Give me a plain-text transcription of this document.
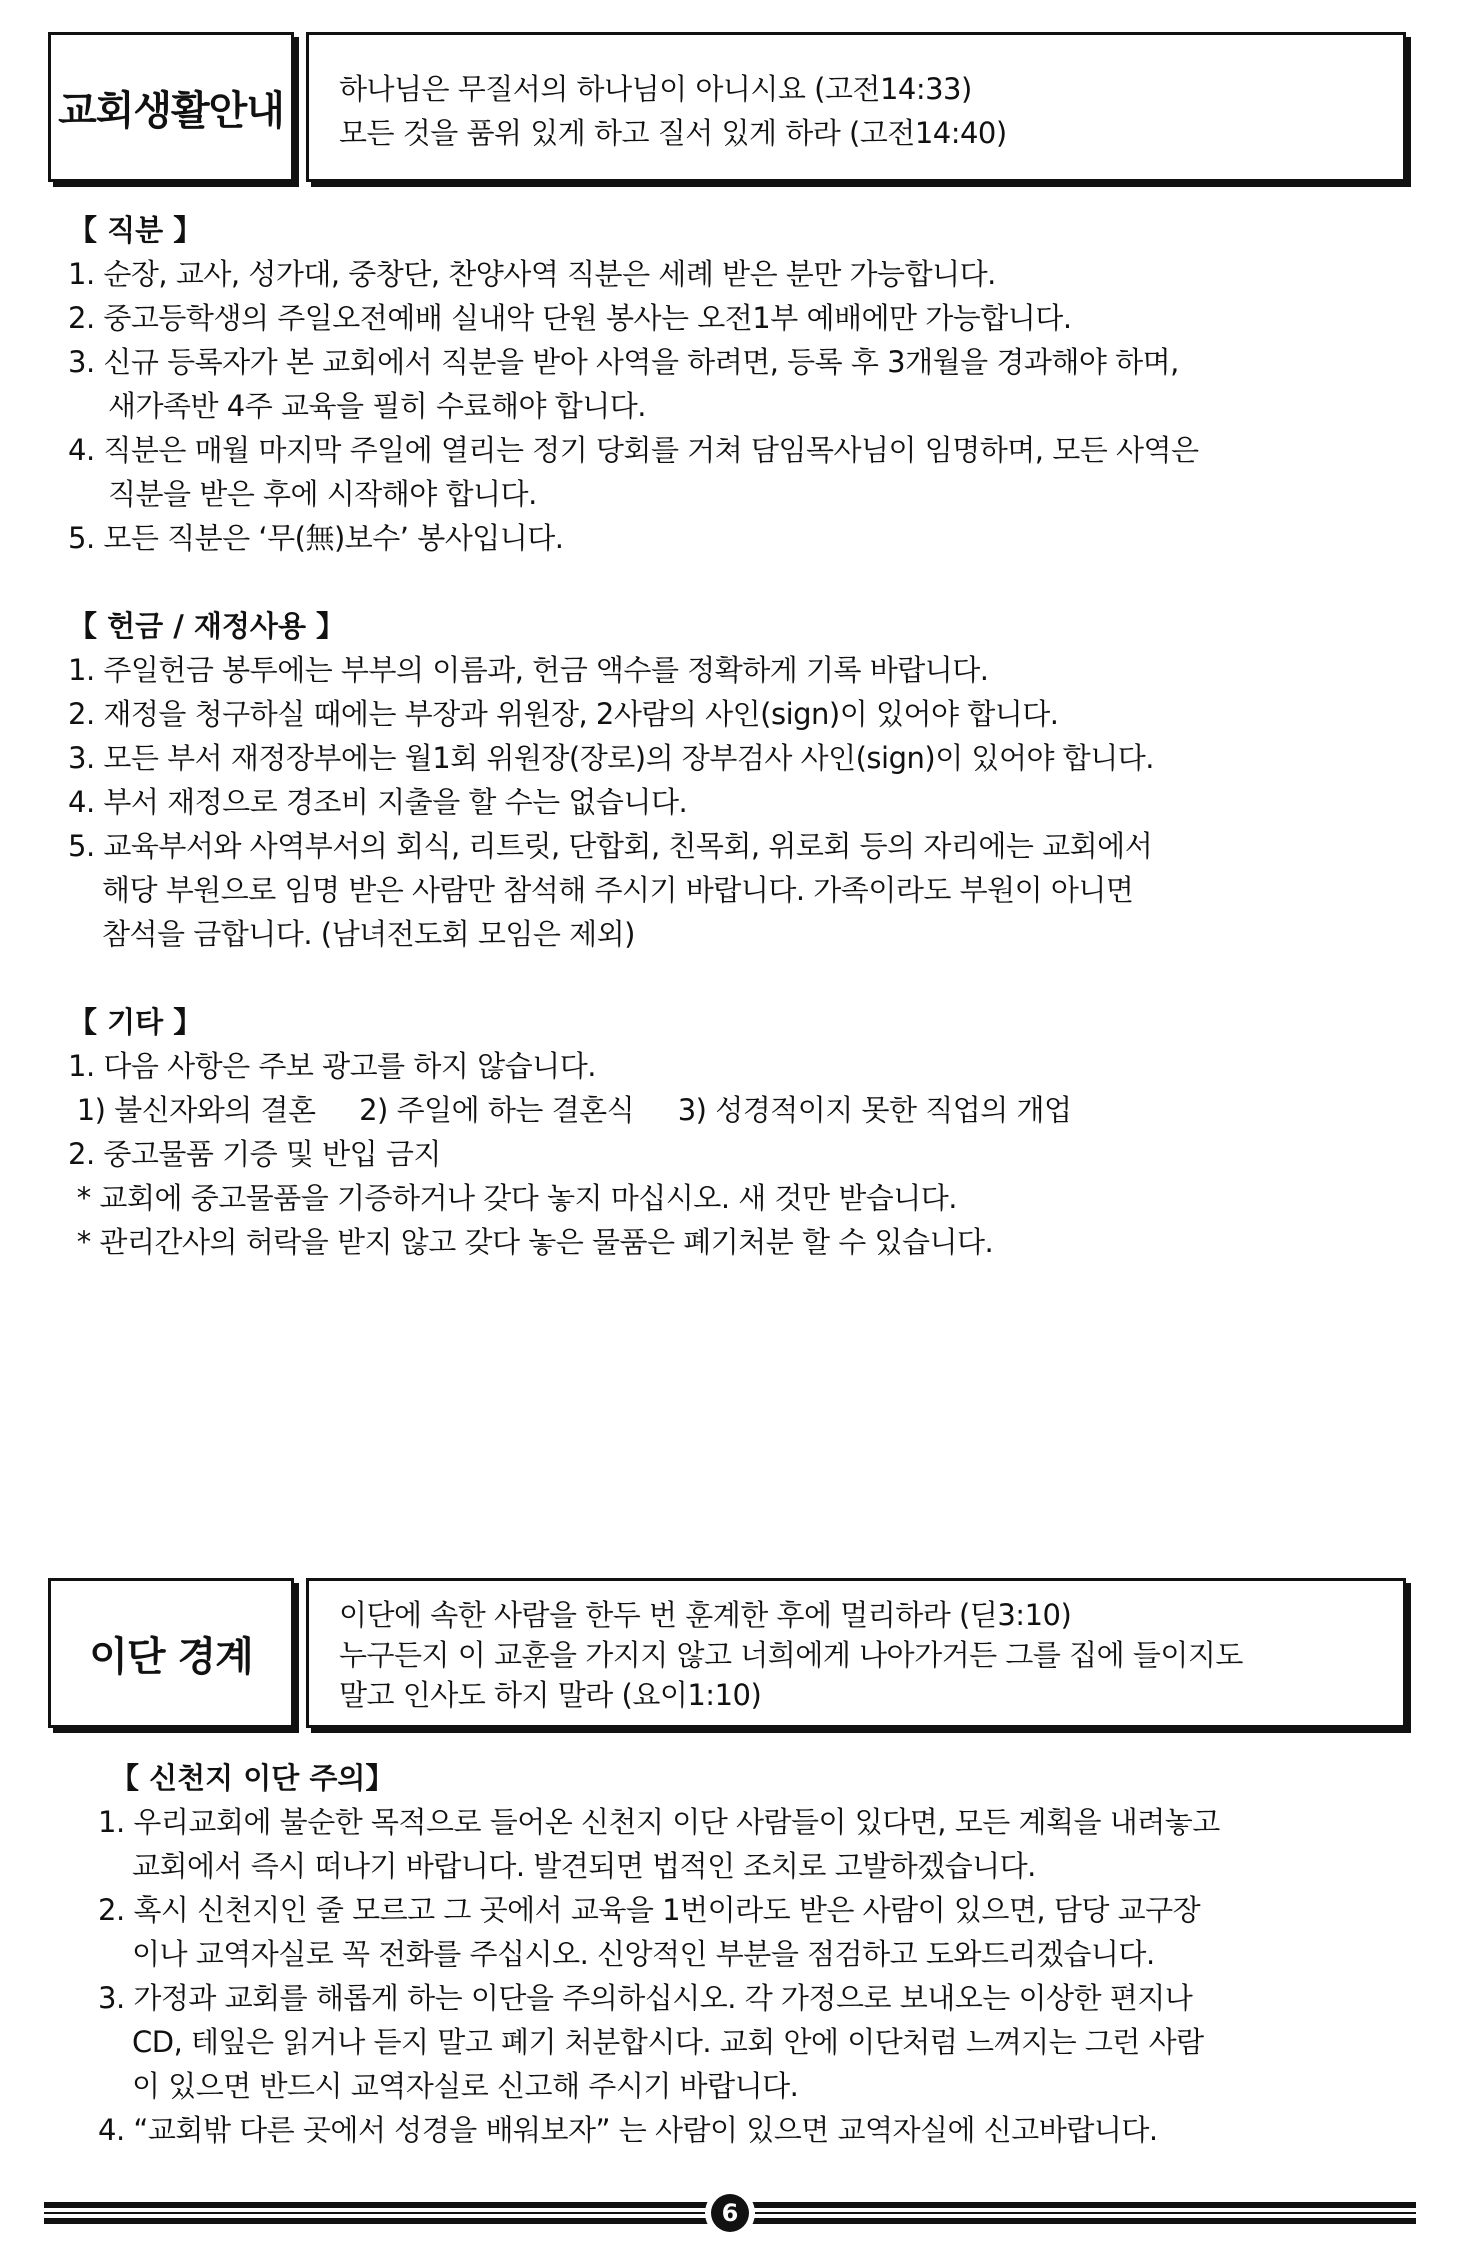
교회생활안내 하나님은 무질서의 하나님이 아니시요 (고전14:33)
모든 것을 품위 있게 하고 질서 있게 하라 (고전14:40)
【 직분 】
1. 순장, 교사, 성가대, 중창단, 찬양사역 직분은 세례 받은 분만 가능합니다.
2. 중고등학생의 주일오전예배 실내악 단원 봉사는 오전1부 예배에만 가능합니다.
3. 신규 등록자가 본 교회에서 직분을 받아 사역을 하려면, 등록 후 3개월을 경과해야 하며,
새가족반 4주 교육을 필히 수료해야 합니다.
4. 직분은 매월 마지막 주일에 열리는 정기 당회를 거쳐 담임목사님이 임명하며, 모든 사역은
직분을 받은 후에 시작해야 합니다.
5. 모든 직분은 ‘무(無)보수’ 봉사입니다.
【 헌금 / 재정사용 】
1. 주일헌금 봉투에는 부부의 이름과, 헌금 액수를 정확하게 기록 바랍니다.
2. 재정을 청구하실 때에는 부장과 위원장, 2사람의 사인(sign)이 있어야 합니다.
3. 모든 부서 재정장부에는 월1회 위원장(장로)의 장부검사 사인(sign)이 있어야 합니다.
4. 부서 재정으로 경조비 지출을 할 수는 없습니다.
5. 교육부서와 사역부서의 회식, 리트릿, 단합회, 친목회, 위로회 등의 자리에는 교회에서
해당 부원으로 임명 받은 사람만 참석해 주시기 바랍니다. 가족이라도 부원이 아니면
참석을 금합니다. (남녀전도회 모임은 제외)
【 기타 】
1. 다음 사항은 주보 광고를 하지 않습니다.
1) 불신자와의 결혼     2) 주일에 하는 결혼식     3) 성경적이지 못한 직업의 개업
2. 중고물품 기증 및 반입 금지
* 교회에 중고물품을 기증하거나 갖다 놓지 마십시오. 새 것만 받습니다.
* 관리간사의 허락을 받지 않고 갖다 놓은 물품은 폐기처분 할 수 있습니다.
이단 경계
이단에 속한 사람을 한두 번 훈계한 후에 멀리하라 (딛3:10)
누구든지 이 교훈을 가지지 않고 너희에게 나아가거든 그를 집에 들이지도
말고 인사도 하지 말라 (요이1:10)
【 신천지 이단 주의】
1. 우리교회에 불순한 목적으로 들어온 신천지 이단 사람들이 있다면, 모든 계획을 내려놓고
교회에서 즉시 떠나기 바랍니다. 발견되면 법적인 조치로 고발하겠습니다.
2. 혹시 신천지인 줄 모르고 그 곳에서 교육을 1번이라도 받은 사람이 있으면, 담당 교구장
이나 교역자실로 꼭 전화를 주십시오. 신앙적인 부분을 점검하고 도와드리겠습니다.
3. 가정과 교회를 해롭게 하는 이단을 주의하십시오. 각 가정으로 보내오는 이상한 편지나
CD, 테잎은 읽거나 듣지 말고 폐기 처분합시다. 교회 안에 이단처럼 느껴지는 그런 사람
이 있으면 반드시 교역자실로 신고해 주시기 바랍니다.
4. “교회밖 다른 곳에서 성경을 배워보자” 는 사람이 있으면 교역자실에 신고바랍니다.
6
